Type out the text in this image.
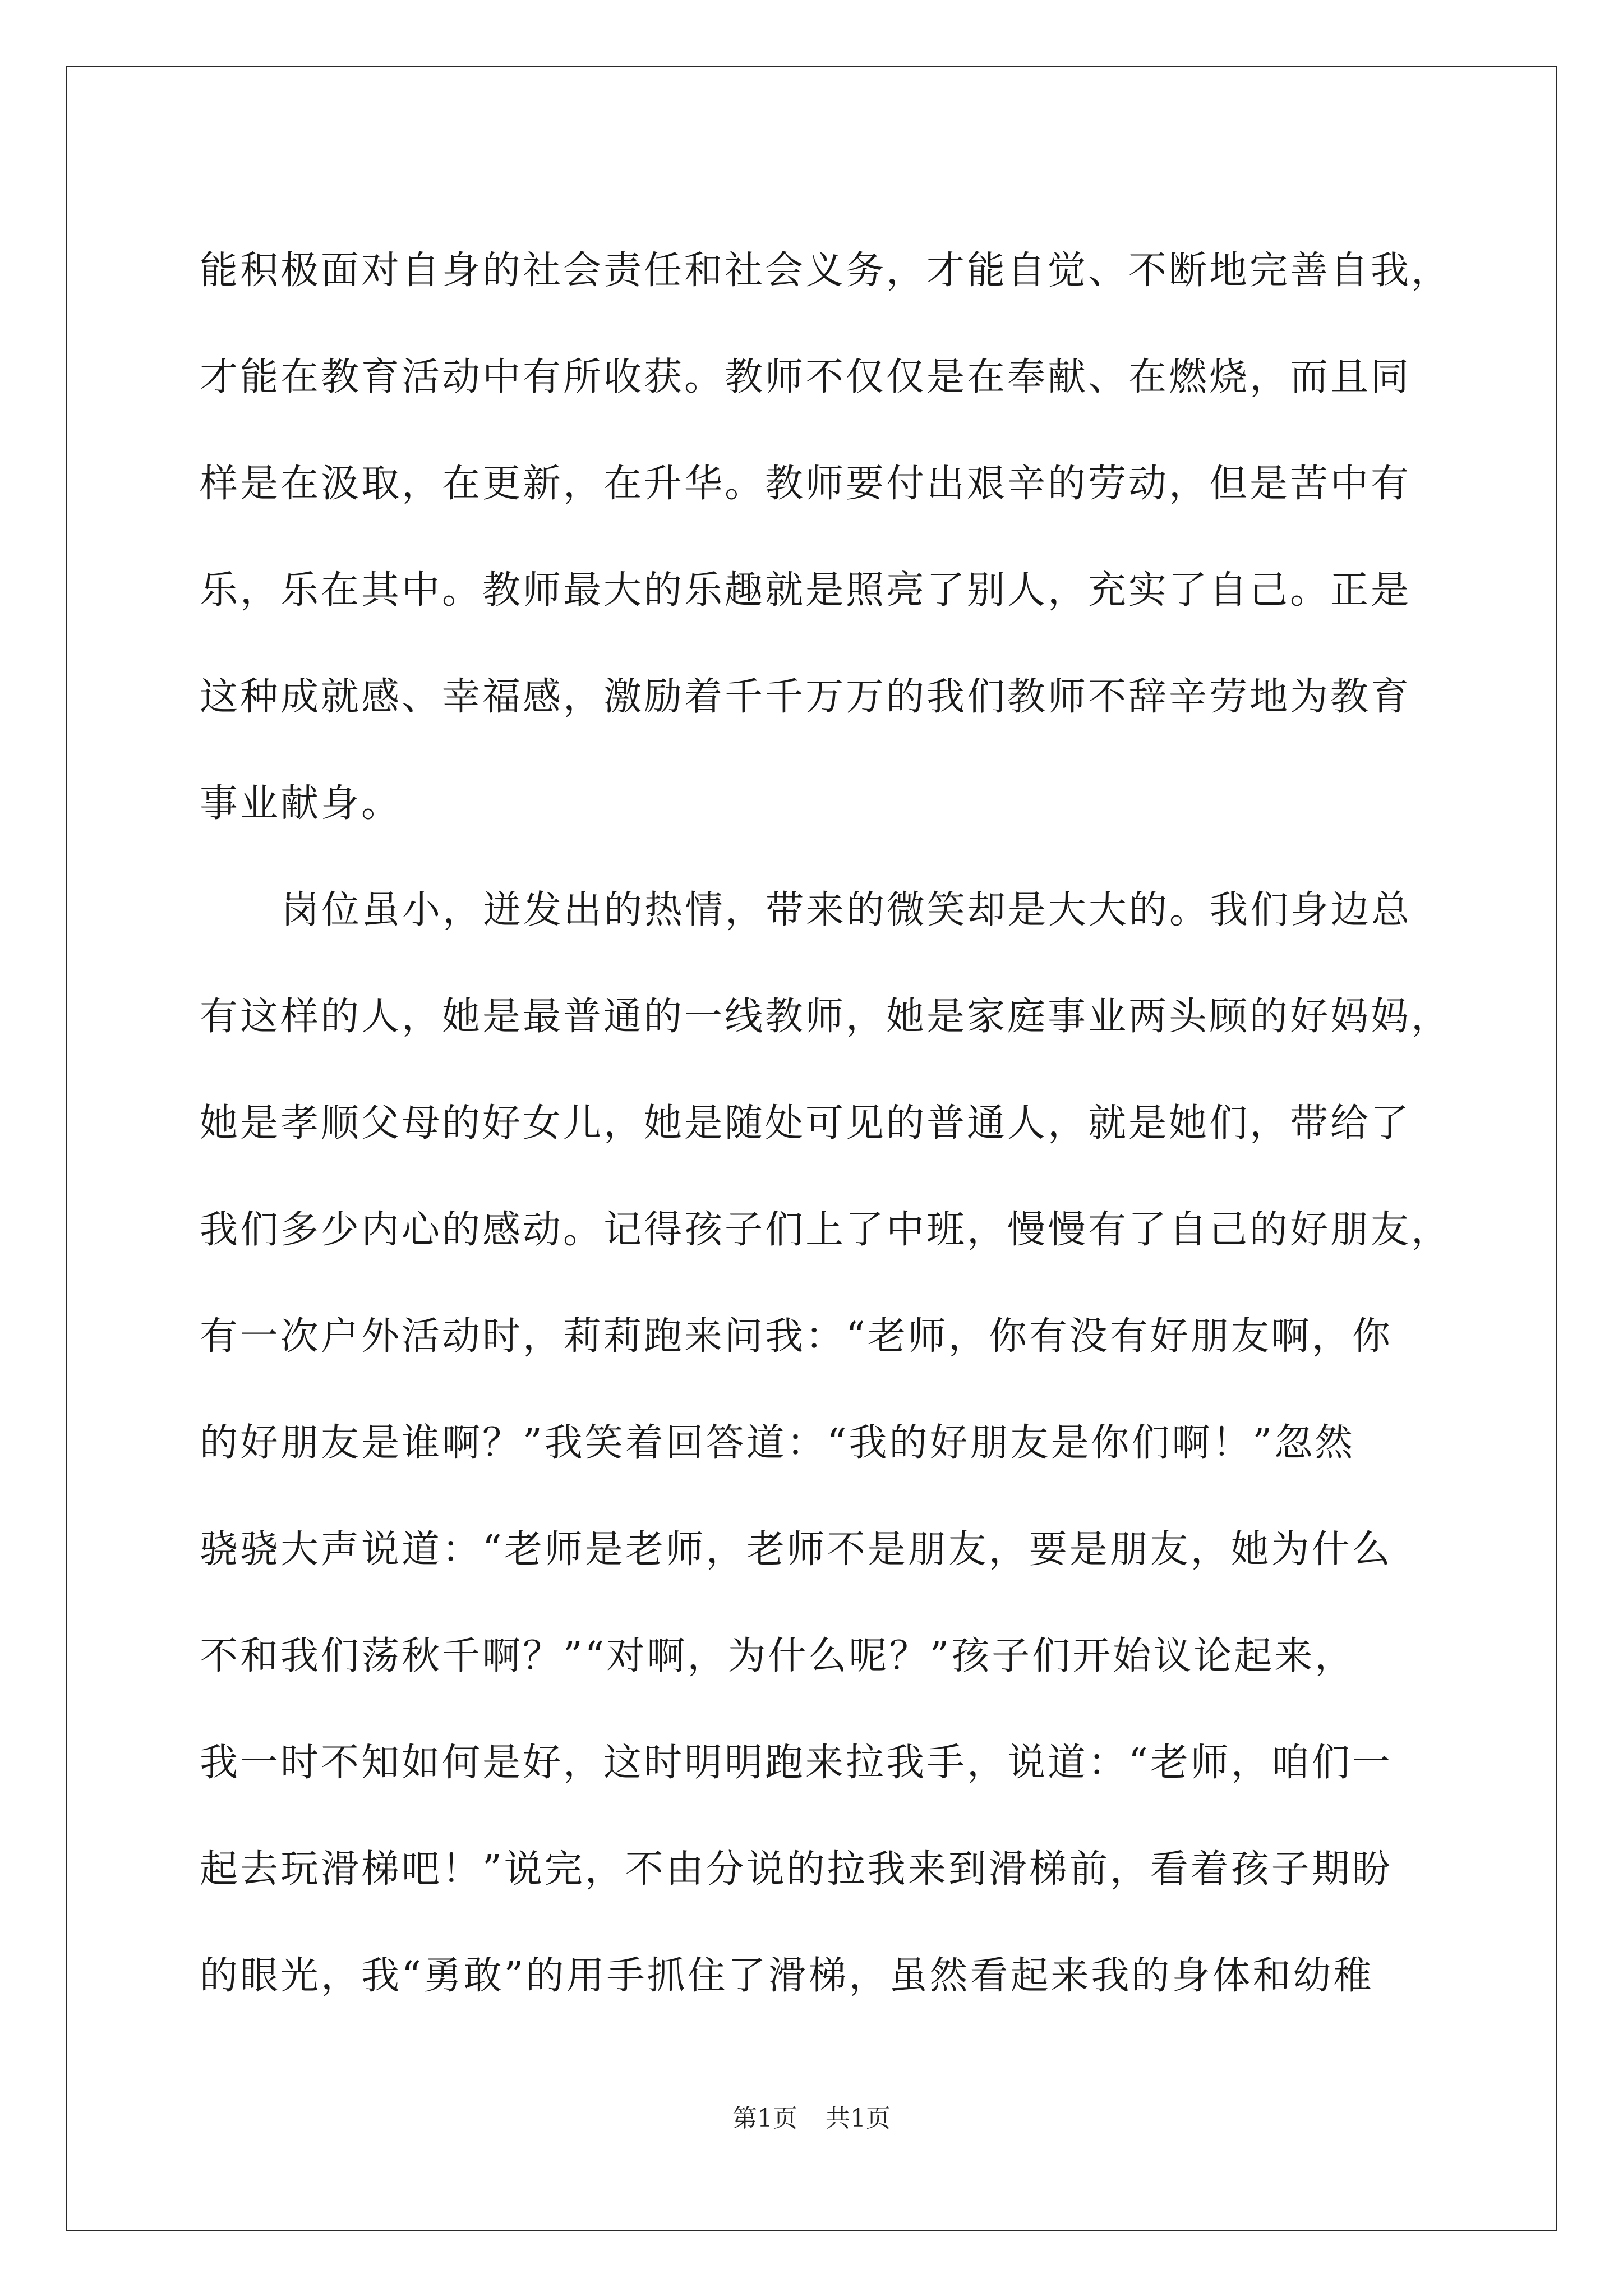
能积极面对自身的社会责任和社会义务，才能自觉、不断地完善自我，
才能在教育活动中有所收获。教师不仅仅是在奉献、在燃烧，而且同
样是在汲取，在更新，在升华。教师要付出艰辛的劳动，但是苦中有
乐，乐在其中。教师最大的乐趣就是照亮了别人，充实了自己。正是
这种成就感、幸福感，激励着千千万万的我们教师不辞辛劳地为教育
事业献身。
岗位虽小，迸发出的热情，带来的微笑却是大大的。我们身边总
有这样的人，她是最普通的一线教师，她是家庭事业两头顾的好妈妈，
她是孝顺父母的好女儿，她是随处可见的普通人，就是她们，带给了
我们多少内心的感动。记得孩子们上了中班，慢慢有了自己的好朋友，
有一次户外活动时，莉莉跑来问我：“老师，你有没有好朋友啊，你
的好朋友是谁啊？”我笑着回答道：“我的好朋友是你们啊！”忽然
骁骁大声说道：“老师是老师，老师不是朋友，要是朋友，她为什么
不和我们荡秋千啊？”“对啊，为什么呢？”孩子们开始议论起来，
我一时不知如何是好，这时明明跑来拉我手，说道：“老师，咱们一
起去玩滑梯吧！”说完，不由分说的拉我来到滑梯前，看着孩子期盼
的眼光，我“勇敢”的用手抓住了滑梯，虽然看起来我的身体和幼稚
第1页 共1页
